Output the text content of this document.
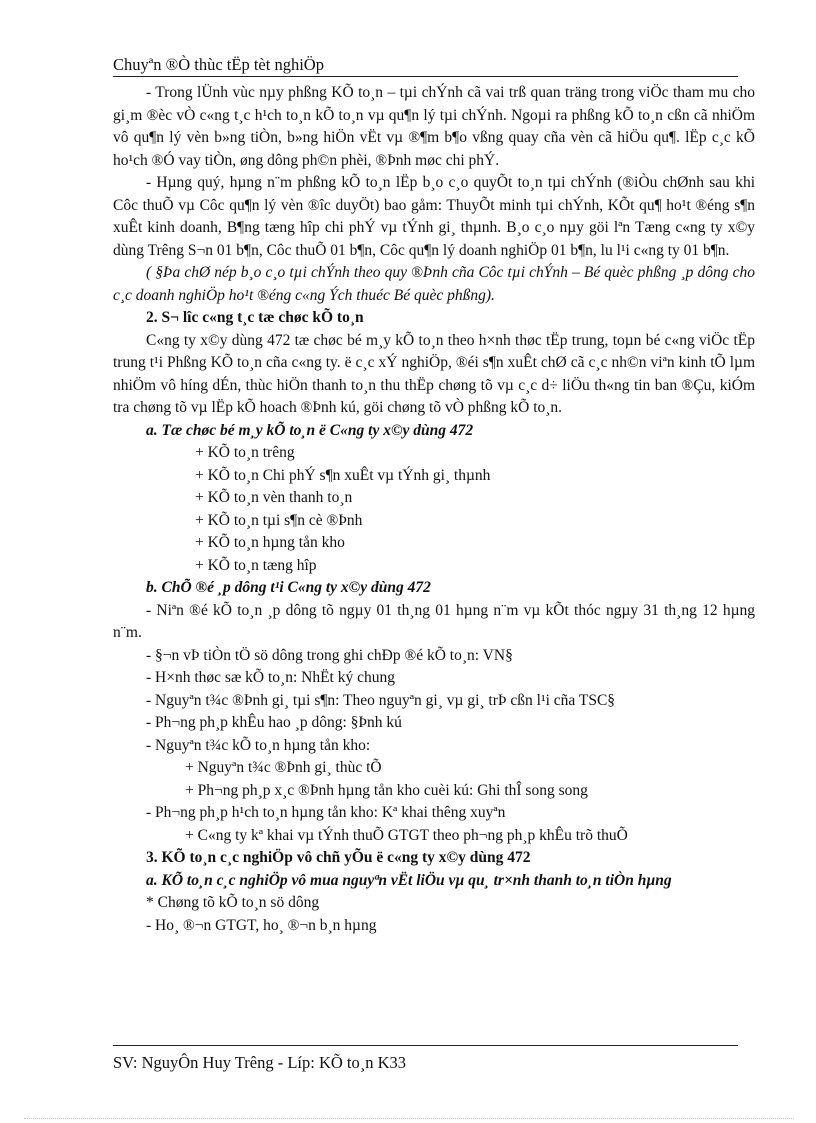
Chuyªn ®Ò thùc tËp tèt nghiÖp

- Trong lÜnh vùc nµy phßng KÕ to¸n – tµi chÝnh cã vai trß quan träng trong viÖc tham mu cho gi¸m ®èc vÒ c«ng t¸c h¹ch to¸n kÕ to¸n vµ qu¶n lý tµi chÝnh. Ngoµi ra phßng kÕ to¸n cßn cã nhiÖm vô qu¶n lý vèn b»ng tiÒn, b»ng hiÖn vËt vµ ®¶m b¶o vßng quay cña vèn cã hiÖu qu¶. lËp c¸c kÕ ho¹ch ®Ó vay tiÒn, øng dông ph©n phèi, ®Þnh møc chi phÝ.

- Hµng quý, hµng n¨m phßng kÕ to¸n lËp b¸o c¸o quyÕt to¸n tµi chÝnh (®iÒu chØnh sau khi Côc thuÕ vµ Côc qu¶n lý vèn ®îc duyÖt) bao gåm: ThuyÕt minh tµi chÝnh, KÕt qu¶ ho¹t ®éng s¶n xuÊt kinh doanh, B¶ng tæng hîp chi phÝ vµ tÝnh gi¸ thµnh. B¸o c¸o nµy göi lªn Tæng c«ng ty x©y dùng Trêng S¬n 01 b¶n, Côc thuÕ 01 b¶n, Côc qu¶n lý doanh nghiÖp 01 b¶n, lu l¹i c«ng ty 01 b¶n.

( §Þa chØ nép b¸o c¸o tµi chÝnh theo quy ®Þnh cña Côc tµi chÝnh – Bé quèc phßng ¸p dông cho c¸c doanh nghiÖp ho¹t ®éng c«ng Ých thuéc Bé quèc phßng).

2. S¬ lîc c«ng t¸c tæ chøc kÕ to¸n

C«ng ty x©y dùng 472 tæ chøc bé m¸y kÕ to¸n theo h×nh thøc tËp trung, toµn bé c«ng viÖc tËp trung t¹i Phßng KÕ to¸n cña c«ng ty. ë c¸c xÝ nghiÖp, ®éi s¶n xuÊt chØ cã c¸c nh©n viªn kinh tÕ lµm nhiÖm vô híng dÉn, thùc hiÖn thanh to¸n thu thËp chøng tõ vµ c¸c d÷ liÖu th«ng tin ban ®Çu, kiÓm tra chøng tõ vµ lËp kÕ hoach ®Þnh kú, göi chøng tõ vÒ phßng kÕ to¸n.

a. Tæ chøc bé m¸y kÕ to¸n ë C«ng ty x©y dùng 472

+ KÕ to¸n trêng

+ KÕ to¸n Chi phÝ s¶n xuÊt vµ tÝnh gi¸ thµnh

+ KÕ to¸n vèn thanh to¸n

+ KÕ to¸n tµi s¶n cè ®Þnh

+ KÕ to¸n hµng tån kho

+ KÕ to¸n tæng hîp

b. ChÕ ®é ¸p dông t¹i C«ng ty x©y dùng 472

- Niªn ®é kÕ to¸n ¸p dông tõ ngµy 01 th¸ng 01 hµng n¨m vµ kÕt thóc ngµy 31 th¸ng 12 hµng n¨m.

- §¬n vÞ tiÒn tÖ sö dông trong ghi chÐp ®é kÕ to¸n: VN§

- H×nh thøc sæ kÕ to¸n: NhËt ký chung

- Nguyªn t¾c ®Þnh gi¸ tµi s¶n: Theo nguyªn gi¸ vµ gi¸ trÞ cßn l¹i cña TSC§

- Ph¬ng ph¸p khÊu hao ¸p dông: §Þnh kú

- Nguyªn t¾c kÕ to¸n hµng tån kho:

+ Nguyªn t¾c ®Þnh gi¸ thùc tÕ

+ Ph¬ng ph¸p x¸c ®Þnh hµng tån kho cuèi kú: Ghi thÎ song song

- Ph¬ng ph¸p h¹ch to¸n hµng tån kho: Kª khai thêng xuyªn

+ C«ng ty kª khai vµ tÝnh thuÕ GTGT theo ph¬ng ph¸p khÊu trõ thuÕ

3. KÕ to¸n c¸c nghiÖp vô chñ yÕu ë c«ng ty x©y dùng 472

a. KÕ to¸n c¸c nghiÖp vô mua nguyªn vËt liÖu vµ qu¸ tr×nh thanh to¸n tiÒn hµng

* Chøng tõ kÕ to¸n sö dông

- Ho¸ ®¬n GTGT, ho¸ ®¬n b¸n hµng

SV: NguyÔn Huy Trêng - Líp: KÕ to¸n K33
